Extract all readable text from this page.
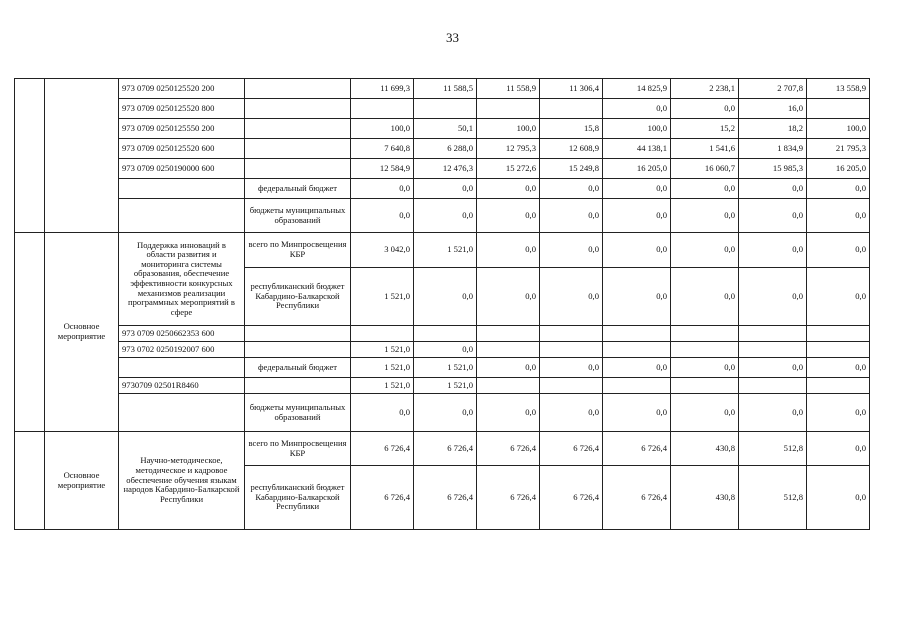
33
		973 0709 0250125520 200		11 699,3	11 588,5	11 558,9	11 306,4	14 825,9	2 238,1	2 707,8	13 558,9
		973 0709 0250125520 800						0,0	0,0	16,0	
		973 0709 0250125550 200		100,0	50,1	100,0	15,8	100,0	15,2	18,2	100,0
		973 0709 0250125520 600		7 640,8	6 288,0	12 795,3	12 608,9	44 138,1	1 541,6	1 834,9	21 795,3
		973 0709 0250190000 600		12 584,9	12 476,3	15 272,6	15 249,8	16 205,0	16 060,7	15 985,3	16 205,0
			федеральный бюджет	0,0	0,0	0,0	0,0	0,0	0,0	0,0	0,0
			бюджеты муниципальных образований	0,0	0,0	0,0	0,0	0,0	0,0	0,0	0,0
	Основное мероприятие	Поддержка инноваций в области развития и мониторинга системы образования, обеспечение эффективности конкурсных механизмов реализации программных мероприятий в сфере	всего по Минпросвещения КБР	3 042,0	1 521,0	0,0	0,0	0,0	0,0	0,0	0,0
			республиканский бюджет Кабардино-Балкарской Республики	1 521,0	0,0	0,0	0,0	0,0	0,0	0,0	0,0
		973 0709 0250662353 600									
		973 0702 0250192007 600		1 521,0	0,0						
			федеральный бюджет	1 521,0	1 521,0	0,0	0,0	0,0	0,0	0,0	0,0
		9730709 02501R8460		1 521,0	1 521,0						
			бюджеты муниципальных образований	0,0	0,0	0,0	0,0	0,0	0,0	0,0	0,0
	Основное мероприятие	Научно-методическое, методическое и кадровое обеспечение обучения языкам народов Кабардино-Балкарской Республики	всего по Минпросвещения КБР	6 726,4	6 726,4	6 726,4	6 726,4	6 726,4	430,8	512,8	0,0
			республиканский бюджет Кабардино-Балкарской Республики	6 726,4	6 726,4	6 726,4	6 726,4	6 726,4	430,8	512,8	0,0
